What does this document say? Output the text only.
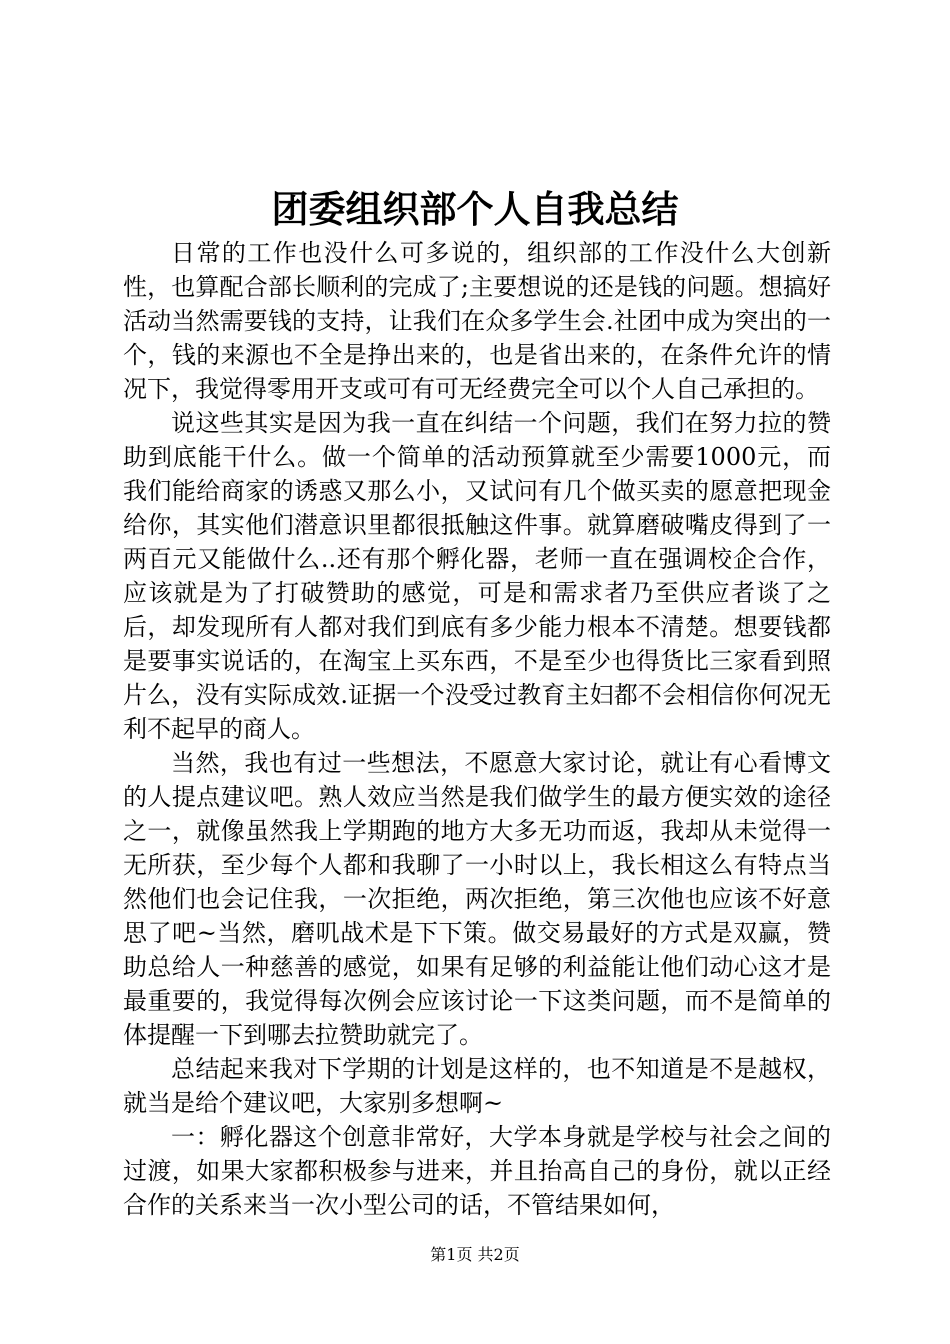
团委组织部个人自我总结

日常的工作也没什么可多说的，组织部的工作没什么大创新性，也算配合部长顺利的完成了;主要想说的还是钱的问题。想搞好活动当然需要钱的支持，让我们在众多学生会.社团中成为突出的一个，钱的来源也不全是挣出来的，也是省出来的，在条件允许的情况下，我觉得零用开支或可有可无经费完全可以个人自己承担的。

说这些其实是因为我一直在纠结一个问题，我们在努力拉的赞助到底能干什么。做一个简单的活动预算就至少需要1000元，而我们能给商家的诱惑又那么小，又试问有几个做买卖的愿意把现金给你，其实他们潜意识里都很抵触这件事。就算磨破嘴皮得到了一两百元又能做什么..还有那个孵化器，老师一直在强调校企合作，应该就是为了打破赞助的感觉，可是和需求者乃至供应者谈了之后，却发现所有人都对我们到底有多少能力根本不清楚。想要钱都是要事实说话的，在淘宝上买东西，不是至少也得货比三家看到照片么，没有实际成效.证据一个没受过教育主妇都不会相信你何况无利不起早的商人。

当然，我也有过一些想法，不愿意大家讨论，就让有心看博文的人提点建议吧。熟人效应当然是我们做学生的最方便实效的途径之一，就像虽然我上学期跑的地方大多无功而返，我却从未觉得一无所获，至少每个人都和我聊了一小时以上，我长相这么有特点当然他们也会记住我，一次拒绝，两次拒绝，第三次他也应该不好意思了吧~当然，磨叽战术是下下策。做交易最好的方式是双赢，赞助总给人一种慈善的感觉，如果有足够的利益能让他们动心这才是最重要的，我觉得每次例会应该讨论一下这类问题，而不是简单的体提醒一下到哪去拉赞助就完了。

总结起来我对下学期的计划是这样的，也不知道是不是越权，就当是给个建议吧，大家别多想啊~

一：孵化器这个创意非常好，大学本身就是学校与社会之间的过渡，如果大家都积极参与进来，并且抬高自己的身份，就以正经合作的关系来当一次小型公司的话，不管结果如何，

第1页 共2页
